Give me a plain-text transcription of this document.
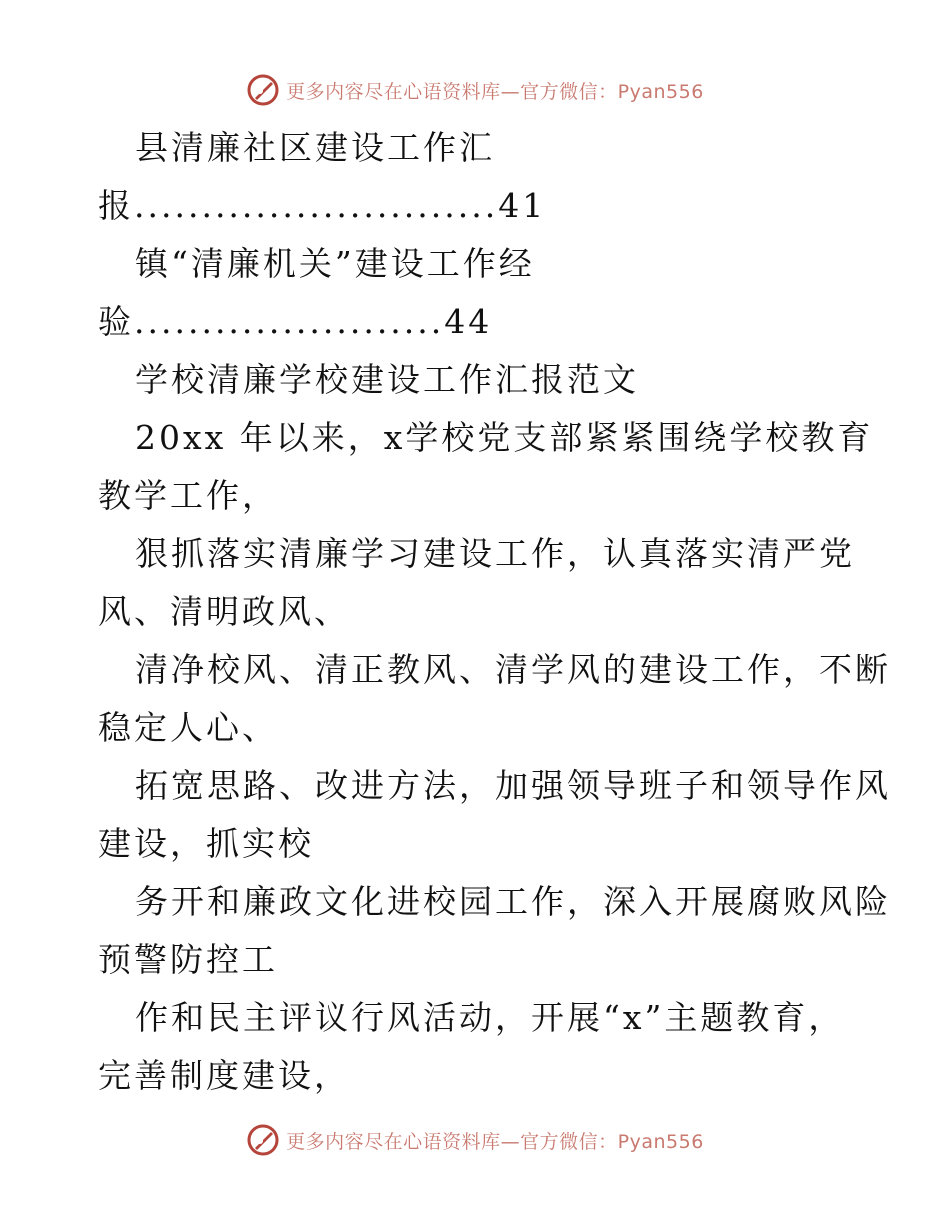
更多内容尽在心语资料库—官方微信：Pyan556
县清廉社区建设工作汇
报...........................41
镇“清廉机关”建设工作经
验.......................44
学校清廉学校建设工作汇报范文
20xx 年以来，x学校党支部紧紧围绕学校教育
教学工作，
狠抓落实清廉学习建设工作，认真落实清严党
风、清明政风、
清净校风、清正教风、清学风的建设工作，不断
稳定人心、
拓宽思路、改进方法，加强领导班子和领导作风
建设，抓实校
务开和廉政文化进校园工作，深入开展腐败风险
预警防控工
作和民主评议行风活动，开展“x”主题教育，
完善制度建设，
更多内容尽在心语资料库—官方微信：Pyan556
